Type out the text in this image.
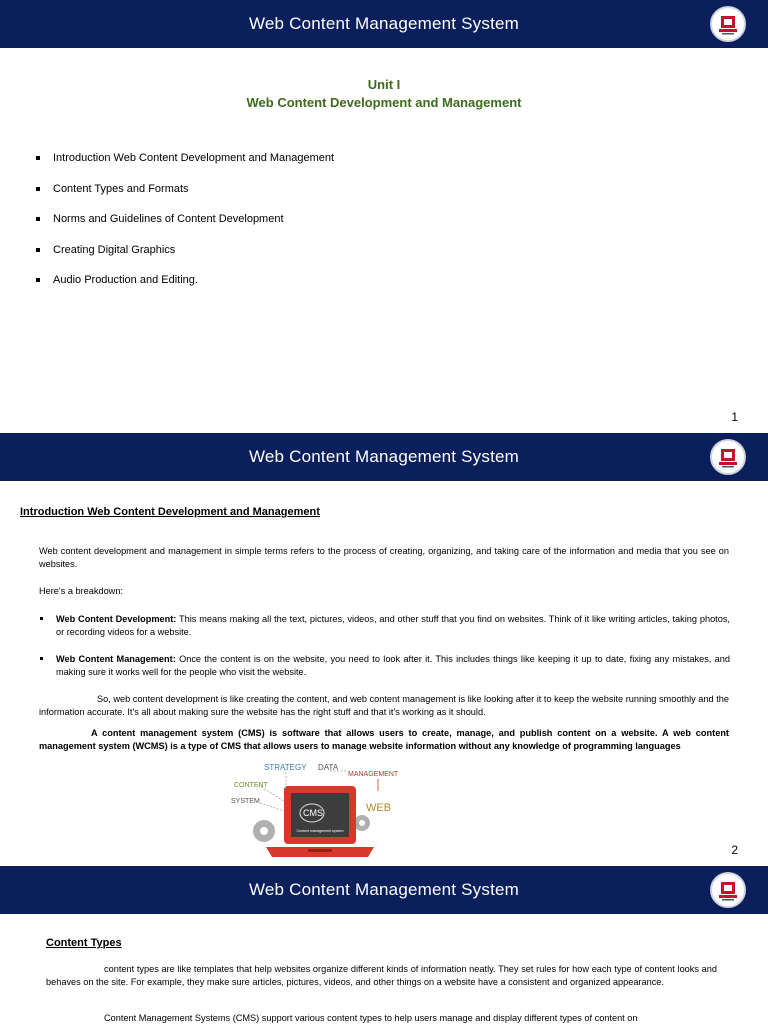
Web Content Management System
Unit I
Web Content Development and Management
Introduction Web Content Development and Management
Content Types and Formats
Norms and Guidelines of Content Development
Creating Digital Graphics
Audio Production and Editing.
1
Web Content Management System
Introduction Web Content Development and Management
Web content development and management in simple terms refers to the process of creating, organizing, and taking care of the information and media that you see on websites.
Here's a breakdown:
Web Content Development: This means making all the text, pictures, videos, and other stuff that you find on websites. Think of it like writing articles, taking photos, or recording videos for a website.
Web Content Management: Once the content is on the website, you need to look after it. This includes things like keeping it up to date, fixing any mistakes, and making sure it works well for the people who visit the website.
So, web content development is like creating the content, and web content management is like looking after it to keep the website running smoothly and the information accurate. It's all about making sure the website has the right stuff and that it's working as it should.
A content management system (CMS) is software that allows users to create, manage, and publish content on a website. A web content management system (WCMS) is a type of CMS that allows users to manage website information without any knowledge of programming languages
STRATEGY DATA
MANAGEMENT
CONTENT
SYSTEM
WEB
CMS
Content management system
2
Web Content Management System
Content Types
content types are like templates that help websites organize different kinds of information neatly. They set rules for how each type of content looks and behaves on the site. For example, they make sure articles, pictures, videos, and other things on a website have a consistent and organized appearance.
Content Management Systems (CMS) support various content types to help users manage and display different types of content on
